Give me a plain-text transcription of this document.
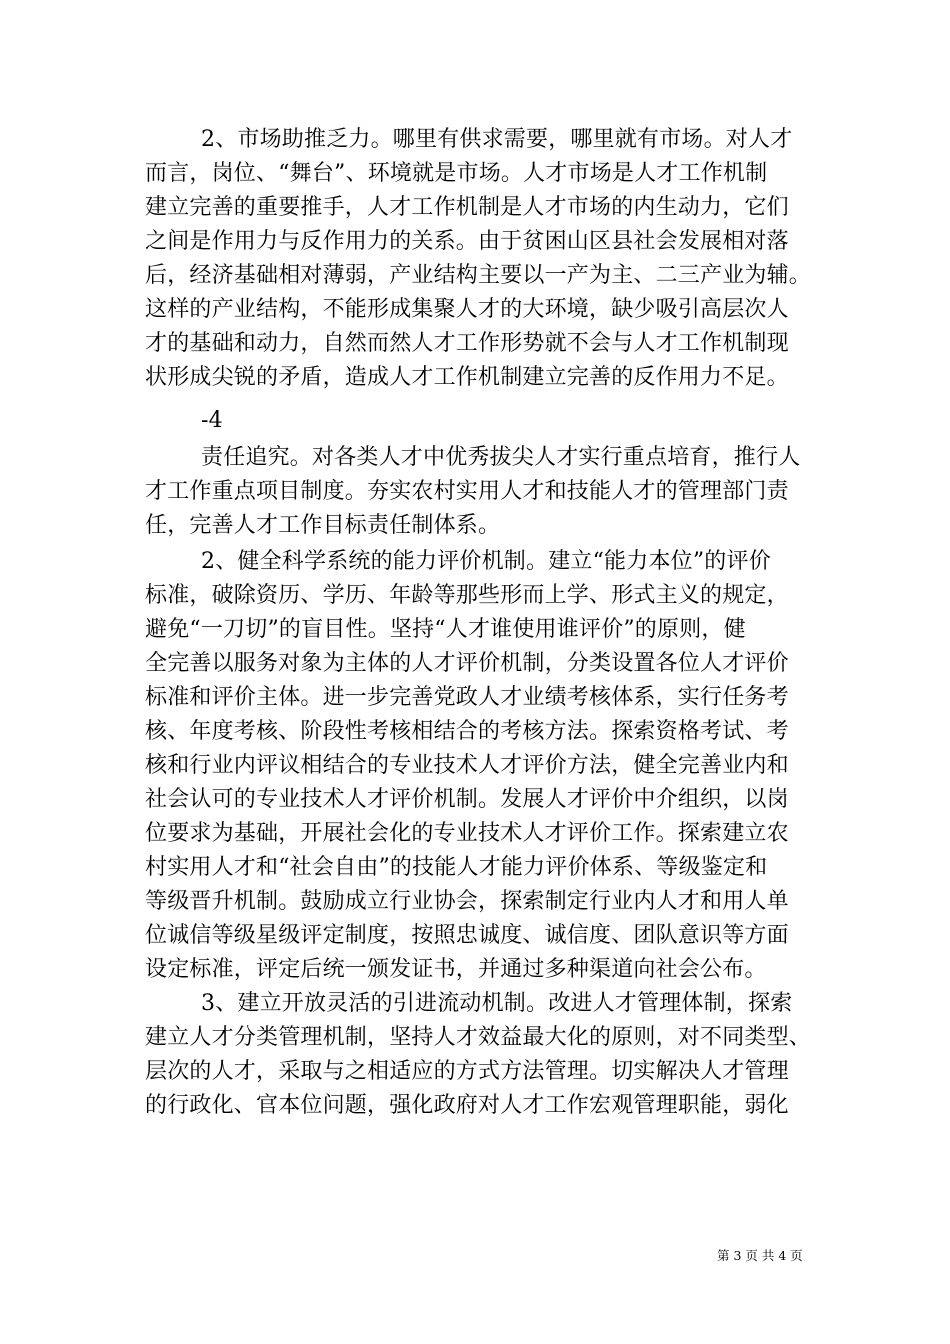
2、市场助推乏力。哪里有供求需要，哪里就有市场。对人才
而言，岗位、“舞台”、环境就是市场。人才市场是人才工作机制
建立完善的重要推手，人才工作机制是人才市场的内生动力，它们
之间是作用力与反作用力的关系。由于贫困山区县社会发展相对落
后，经济基础相对薄弱，产业结构主要以一产为主、二三产业为辅。
这样的产业结构，不能形成集聚人才的大环境，缺少吸引高层次人
才的基础和动力，自然而然人才工作形势就不会与人才工作机制现
状形成尖锐的矛盾，造成人才工作机制建立完善的反作用力不足。
-4
责任追究。对各类人才中优秀拔尖人才实行重点培育，推行人
才工作重点项目制度。夯实农村实用人才和技能人才的管理部门责
任，完善人才工作目标责任制体系。
2、健全科学系统的能力评价机制。建立“能力本位”的评价
标准，破除资历、学历、年龄等那些形而上学、形式主义的规定，
避免“一刀切”的盲目性。坚持“人才谁使用谁评价”的原则，健
全完善以服务对象为主体的人才评价机制，分类设置各位人才评价
标准和评价主体。进一步完善党政人才业绩考核体系，实行任务考
核、年度考核、阶段性考核相结合的考核方法。探索资格考试、考
核和行业内评议相结合的专业技术人才评价方法，健全完善业内和
社会认可的专业技术人才评价机制。发展人才评价中介组织，以岗
位要求为基础，开展社会化的专业技术人才评价工作。探索建立农
村实用人才和“社会自由”的技能人才能力评价体系、等级鉴定和
等级晋升机制。鼓励成立行业协会，探索制定行业内人才和用人单
位诚信等级星级评定制度，按照忠诚度、诚信度、团队意识等方面
设定标准，评定后统一颁发证书，并通过多种渠道向社会公布。
3、建立开放灵活的引进流动机制。改进人才管理体制，探索
建立人才分类管理机制，坚持人才效益最大化的原则，对不同类型、
层次的人才，采取与之相适应的方式方法管理。切实解决人才管理
的行政化、官本位问题，强化政府对人才工作宏观管理职能，弱化
第 3 页 共 4 页
